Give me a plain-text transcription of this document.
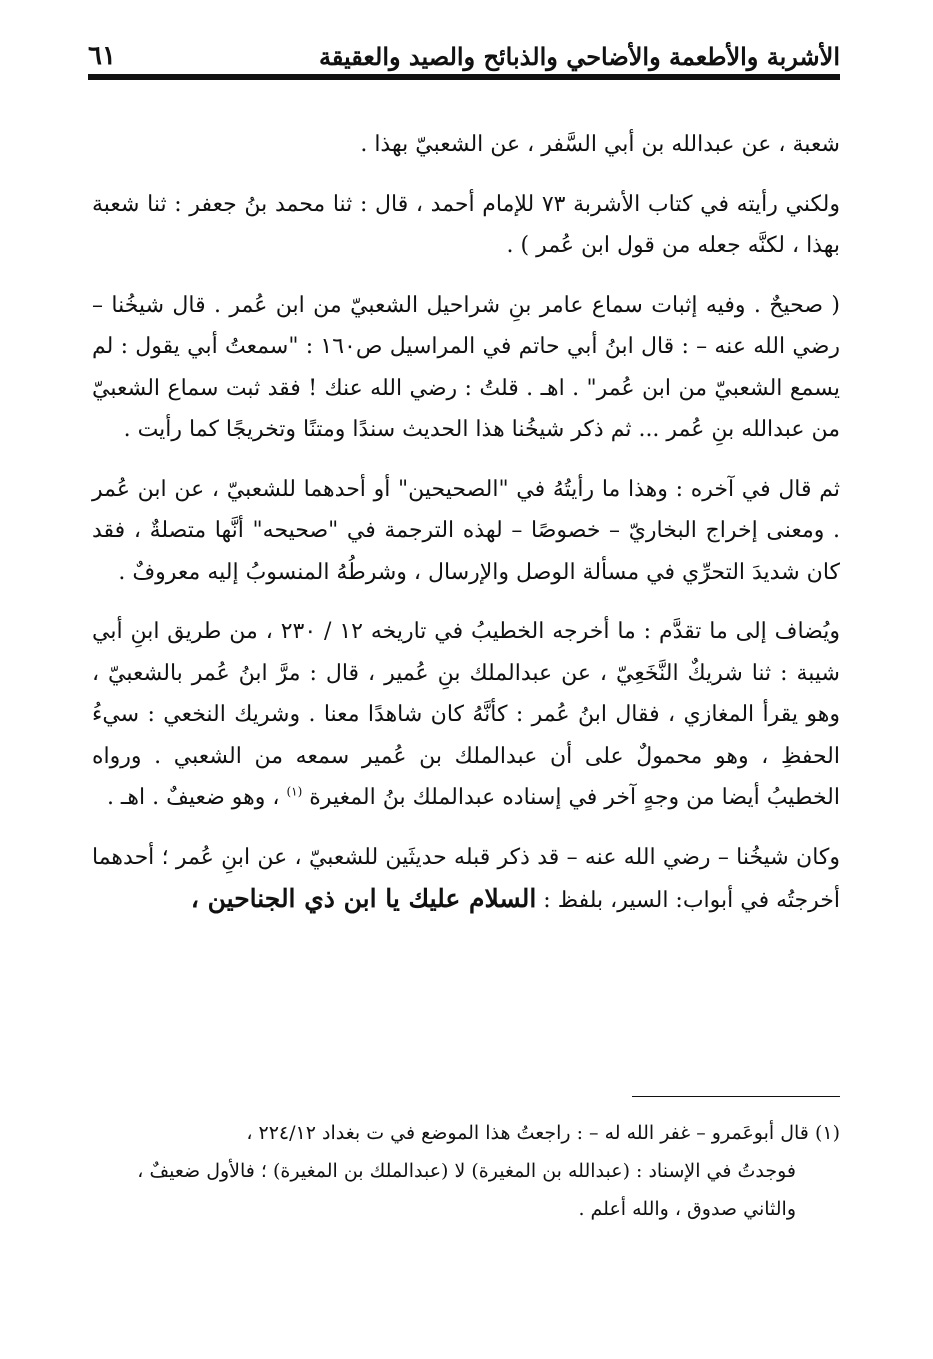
الأشربة والأطعمة والأضاحي والذبائح والصيد والعقيقة
٦١

شعبة ، عن عبدالله بن أبي السَّفر ، عن الشعبيّ بهذا .

ولكني رأيته في كتاب الأشربة ٧٣ للإمام أحمد ، قال : ثنا محمد بنُ جعفر : ثنا شعبة بهذا ، لكنَّه جعله من قول ابن عُمر ) .

( صحيحٌ . وفيه إثبات سماع عامر بنِ شراحيل الشعبيّ من ابن عُمر . قال شيخُنا – رضي الله عنه – : قال ابنُ أبي حاتم في المراسيل ص١٦٠ : "سمعتُ أبي يقول : لم يسمع الشعبيّ من ابن عُمر" . اهـ . قلتُ : رضي الله عنك ! فقد ثبت سماع الشعبيّ من عبدالله بنِ عُمر ... ثم ذكر شيخُنا هذا الحديث سندًا ومتنًا وتخريجًا كما رأيت .

ثم قال في آخره : وهذا ما رأيتُهُ في "الصحيحين" أو أحدهما للشعبيّ ، عن ابن عُمر . ومعنى إخراج البخاريّ – خصوصًا – لهذه الترجمة في "صحيحه" أنَّها متصلةٌ ، فقد كان شديدَ التحرِّي في مسألة الوصل والإرسال ، وشرطُهُ المنسوبُ إليه معروفٌ .

ويُضاف إلى ما تقدَّم : ما أخرجه الخطيبُ في تاريخه ١٢ / ٢٣٠ ، من طريق ابنِ أبي شيبة : ثنا شريكٌ النَّخَعِيّ ، عن عبدالملك بنِ عُمير ، قال : مرَّ ابنُ عُمر بالشعبيّ ، وهو يقرأ المغازي ، فقال ابنُ عُمر : كأنَّهُ كان شاهدًا معنا . وشريك النخعي : سيءُ الحفظِ ، وهو محمولٌ على أن عبدالملك بن عُمير سمعه من الشعبي . ورواه الخطيبُ أيضا من وجهٍ آخر في إسناده عبدالملك بنُ المغيرة $^{(١)}$ ، وهو ضعيفٌ . اهـ .

وكان شيخُنا – رضي الله عنه – قد ذكر قبله حديثَين للشعبيّ ، عن ابنِ عُمر ؛ أحدهما أخرجتُه في أبواب: السير، بلفظ : السلام عليك يا ابن ذي الجناحين ،

(١) قال أبوعَمرو – غفر الله له – : راجعتُ هذا الموضع في ت بغداد ٢٢٤/١٢ ،

فوجدتُ في الإسناد : (عبدالله بن المغيرة) لا (عبدالملك بن المغيرة) ؛ فالأول ضعيفٌ ،

والثاني صدوق ، والله أعلم .
